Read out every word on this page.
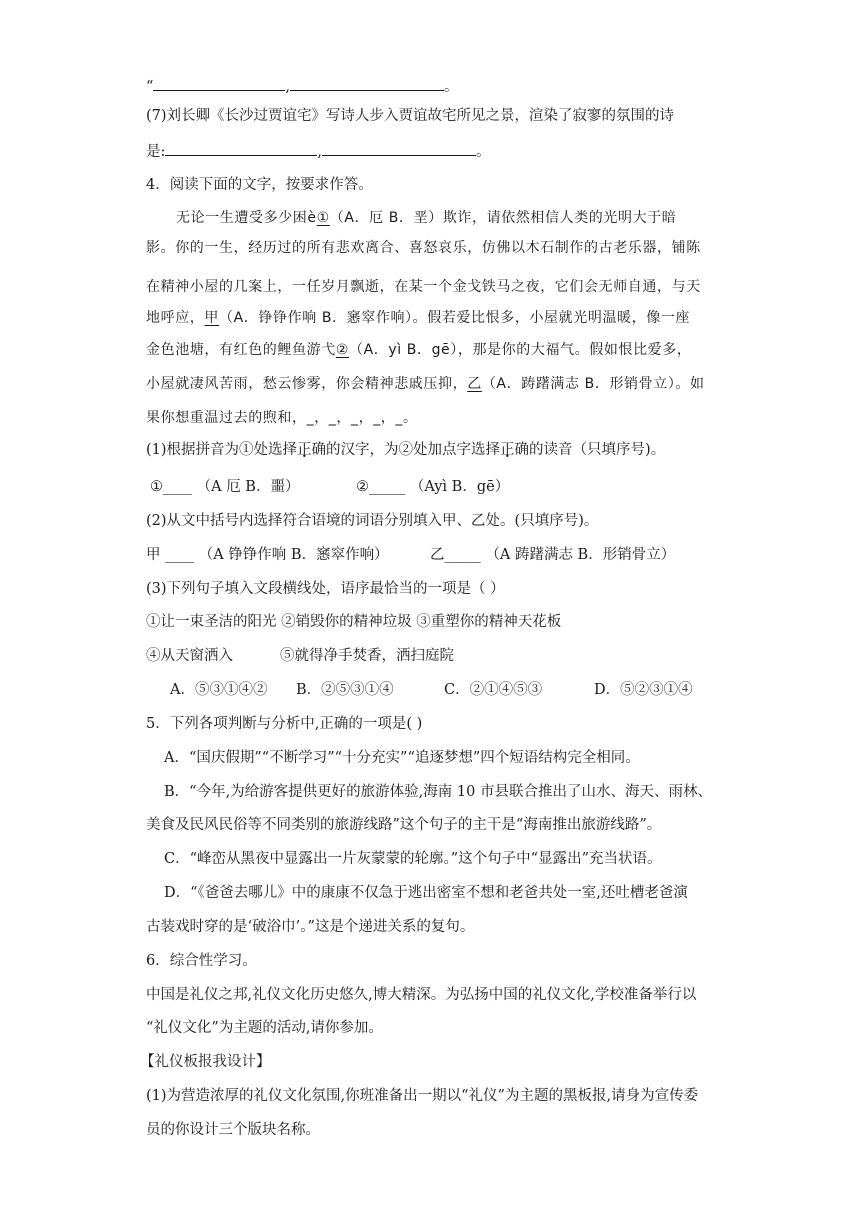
“	,	。
(7)刘长卿《长沙过贾谊宅》写诗人步入贾谊故宅所见之景，渲染了寂寥的氛围的诗
是:	,	。
4．阅读下面的文字，按要求作答。
无论一生遭受多少困è①（A．厄 B．垩）欺诈，请依然相信人类的光明大于暗
影。你的一生，经历过的所有悲欢离合、喜怒哀乐，仿佛以木石制作的古老乐器，铺陈
在精神小屋的几案上，一任岁月飘逝，在某一个金戈铁马之夜，它们会无师自通，与天
地呼应，甲（A．铮铮作响 B．窸窣作响）。假若爱比恨多，小屋就光明温暖，像一座
金色池塘，有红色的鲤鱼游弋②（A．yì B．gē），那是你的大福气。假如恨比爱多，
小屋就凄风苦雨，愁云惨雾，你会精神悲戚压抑，乙（A．踌躇满志 B．形销骨立）。如
果你想重温过去的煦和，_，_，_，_，_。
(1)根据拼音为①处选择正确的汉字，为②处加点字选择正确的读音（只填序号)。
①____ （A 厄 B．噩）	②_____ （Ayì B．gē）
(2)从文中括号内选择符合语境的词语分别填入甲、乙处。(只填序号)。
甲 ____ （A 铮铮作响 B．窸窣作响）	乙_____ （A 踌躇满志 B．形销骨立）
(3)下列句子填入文段横线处，语序最恰当的一项是（ ）
①让一束圣洁的阳光 ②销毁你的精神垃圾 ③重塑你的精神天花板
④从天窗洒入	⑤就得净手焚香，洒扫庭院
A．⑤③①④② B．②⑤③①④	C．②①④⑤③	D．⑤②③①④
5．下列各项判断与分析中,正确的一项是( )
A．“国庆假期”“不断学习”“十分充实”“追逐梦想”四个短语结构完全相同。
B．“今年,为给游客提供更好的旅游体验,海南 10 市县联合推出了山水、海天、雨林、
美食及民风民俗等不同类别的旅游线路”这个句子的主干是“海南推出旅游线路”。
C．“峰峦从黑夜中显露出一片灰蒙蒙的轮廓。”这个句子中“显露出”充当状语。
D．“《爸爸去哪儿》中的康康不仅急于逃出密室不想和老爸共处一室,还吐槽老爸演
古装戏时穿的是‘破浴巾’。”这是个递进关系的复句。
6．综合性学习。
中国是礼仪之邦,礼仪文化历史悠久,博大精深。为弘扬中国的礼仪文化,学校准备举行以
“礼仪文化”为主题的活动,请你参加。
【礼仪板报我设计】
(1)为营造浓厚的礼仪文化氛围,你班准备出一期以“礼仪”为主题的黑板报,请身为宣传委
员的你设计三个版块名称。
